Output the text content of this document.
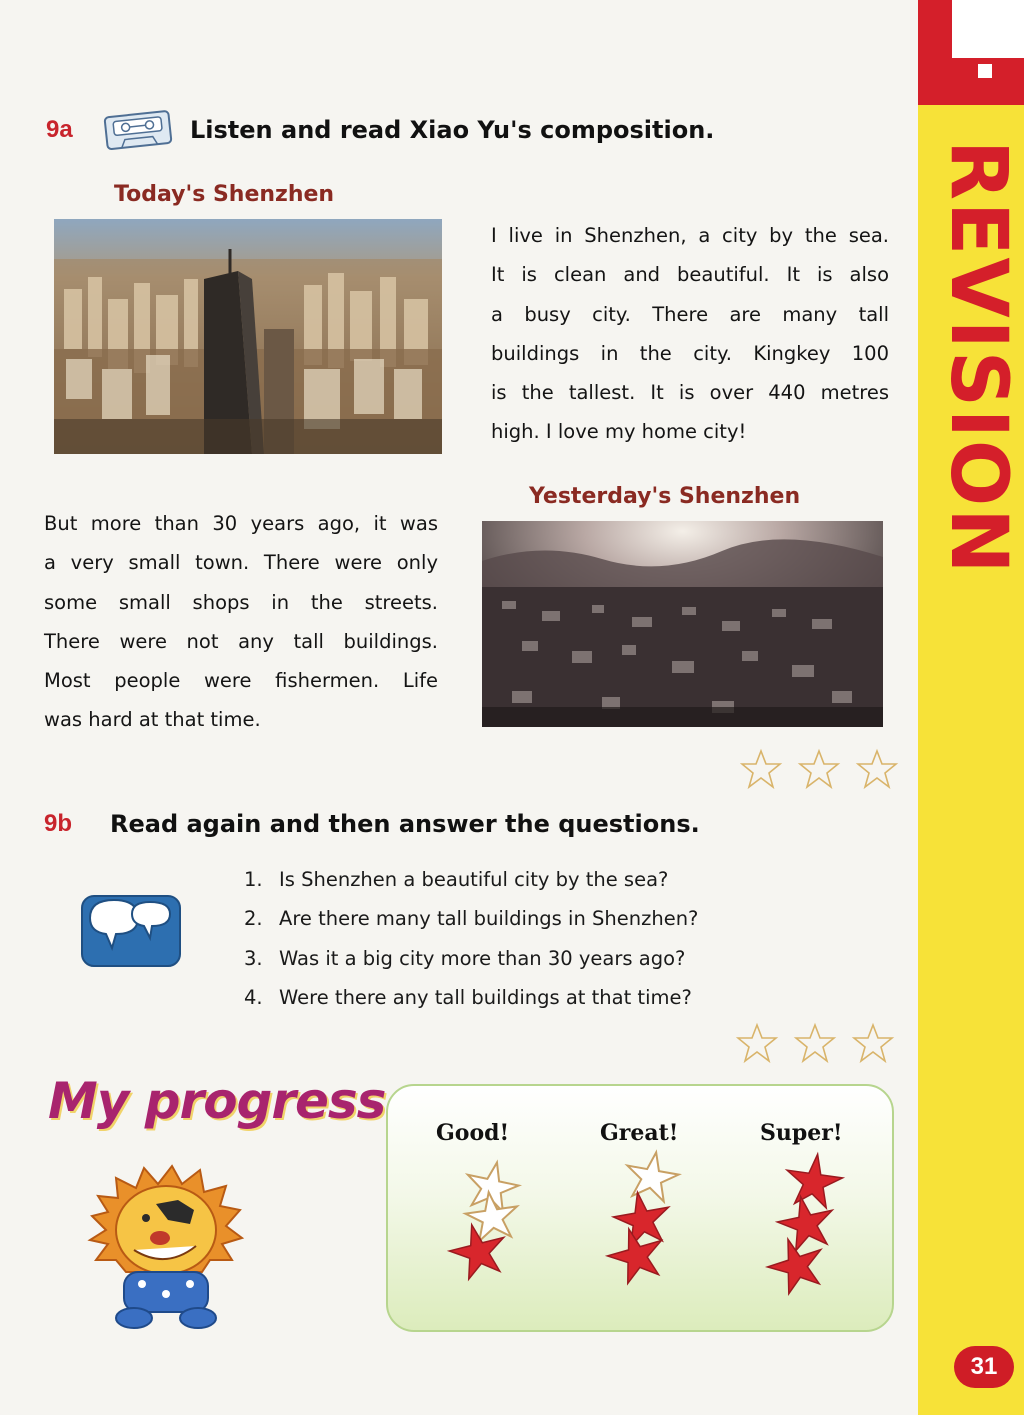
REVISION
31
9a	Listen and read Xiao Yu's composition.
Today's Shenzhen
I live in Shenzhen, a city by the sea.
It is clean and beautiful. It is also
a busy city. There are many tall
buildings in the city. Kingkey 100
is the tallest. It is over 440 metres
high. I love my home city!
Yesterday's Shenzhen
But more than 30 years ago, it was
a very small town. There were only
some small shops in the streets.
There were not any tall buildings.
Most people were fishermen. Life
was hard at that time.
9b Read again and then answer the questions.
1. Is Shenzhen a beautiful city by the sea?
2. Are there many tall buildings in Shenzhen?
3. Was it a big city more than 30 years ago?
4. Were there any tall buildings at that time?
My progress
Good!	Great!	Super!
